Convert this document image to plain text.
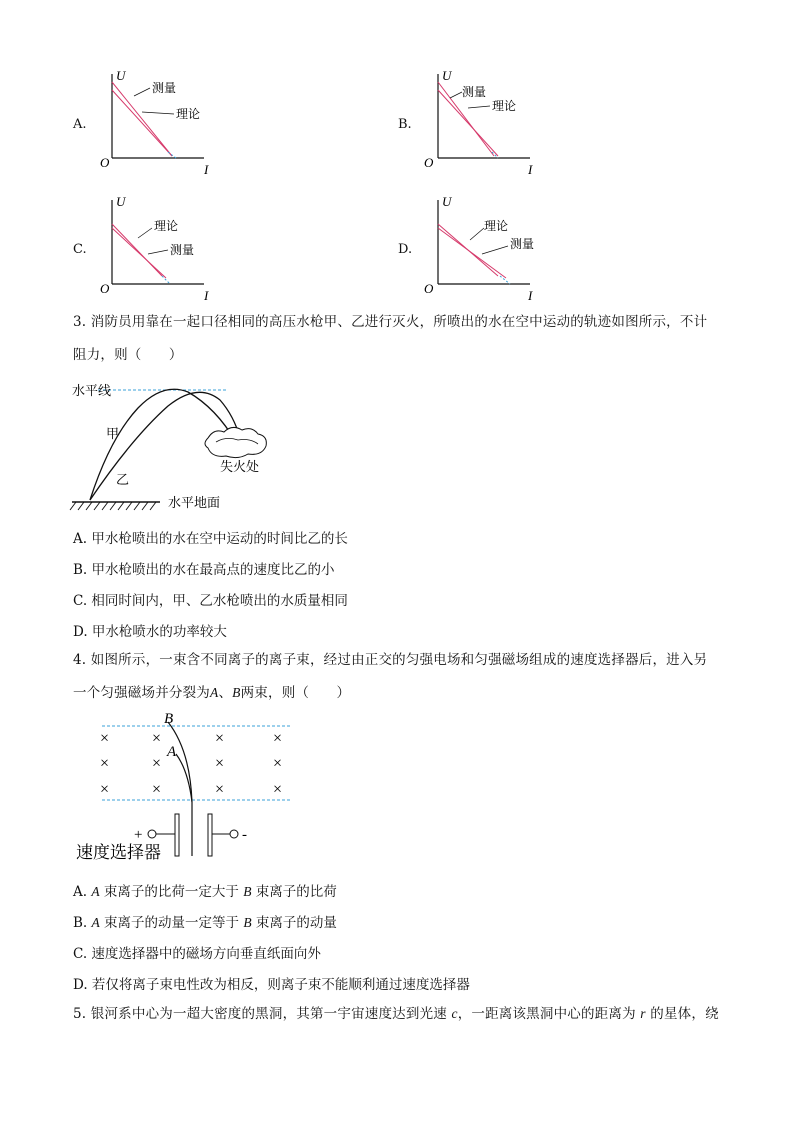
A.	B.
C.	D.
U
O	I
测量
理论
U
O	I
测量
理论
U
O	I
理论
测量
U
O	I
理论
测量
3. 消防员用靠在一起口径相同的高压水枪甲、乙进行灭火，所喷出的水在空中运动的轨迹如图所示，不计
阻力，则（　　）
水平线
失火处
甲
乙
水平地面
A. 甲水枪喷出的水在空中运动的时间比乙的长
B. 甲水枪喷出的水在最高点的速度比乙的小
C. 相同时间内，甲、乙水枪喷出的水质量相同
D. 甲水枪喷水的功率较大
4. 如图所示，一束含不同离子的离子束，经过由正交的匀强电场和匀强磁场组成的速度选择器后，进入另
一个匀强磁场并分裂为A、B两束，则（　　）
×	×	×	×
×	×	×	×
×	×	×	×
B
A
+	-
速度选择器
A. A 束离子的比荷一定大于 B 束离子的比荷
B. A 束离子的动量一定等于 B 束离子的动量
C. 速度选择器中的磁场方向垂直纸面向外
D. 若仅将离子束电性改为相反，则离子束不能顺利通过速度选择器
5. 银河系中心为一超大密度的黑洞，其第一宇宙速度达到光速 c，一距离该黑洞中心的距离为 r 的星体，绕
